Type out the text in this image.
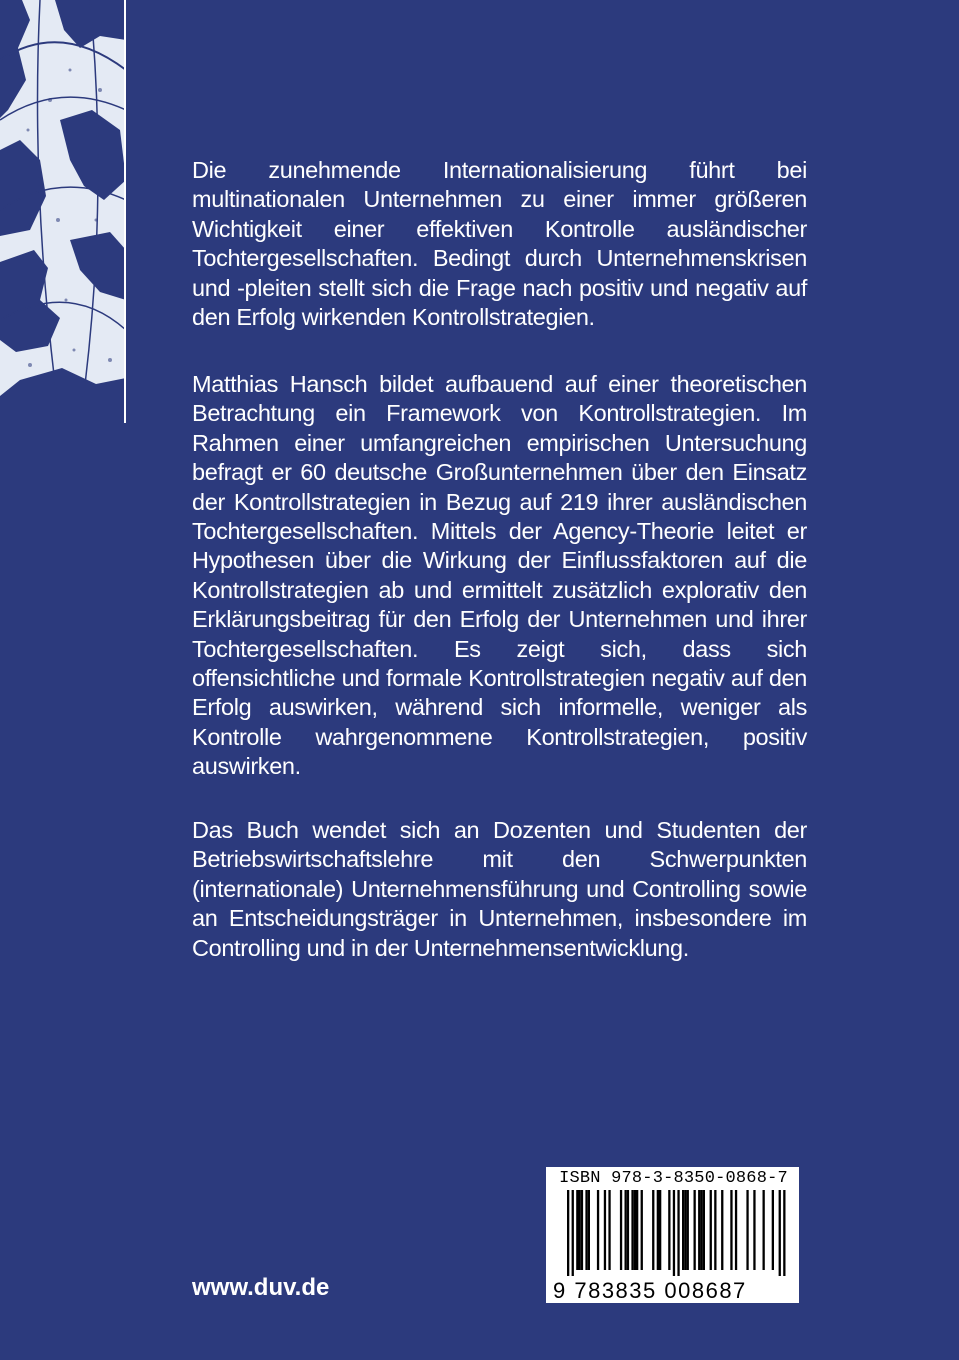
Die zunehmende Internationalisierung führt bei multinationalen Unternehmen zu einer immer größeren Wichtigkeit einer effektiven Kontrolle ausländischer Tochtergesellschaften. Bedingt durch Unternehmenskrisen und -pleiten stellt sich die Frage nach positiv und negativ auf den Erfolg wirkenden Kontrollstrategien.

Matthias Hansch bildet aufbauend auf einer theoretischen Betrachtung ein Framework von Kontrollstrategien. Im Rahmen einer umfangreichen empirischen Untersuchung befragt er 60 deutsche Großunternehmen über den Einsatz der Kontrollstrategien in Bezug auf 219 ihrer ausländischen Tochtergesellschaften. Mittels der Agency-Theorie leitet er Hypothesen über die Wirkung der Einflussfaktoren auf die Kontrollstrategien ab und ermittelt zusätzlich explorativ den Erklärungsbeitrag für den Erfolg der Unternehmen und ihrer Tochtergesellschaften. Es zeigt sich, dass sich offensichtliche und formale Kontrollstrategien negativ auf den Erfolg auswirken, während sich informelle, weniger als Kontrolle wahrgenommene Kontrollstrategien, positiv auswirken.

Das Buch wendet sich an Dozenten und Studenten der Betriebswirtschaftslehre mit den Schwerpunkten (internationale) Unternehmensführung und Controlling sowie an Entscheidungsträger in Unternehmen, insbesondere im Controlling und in der Unternehmensentwicklung.

www.duv.de
ISBN 978-3-8350-0868-7
9 783835 008687
